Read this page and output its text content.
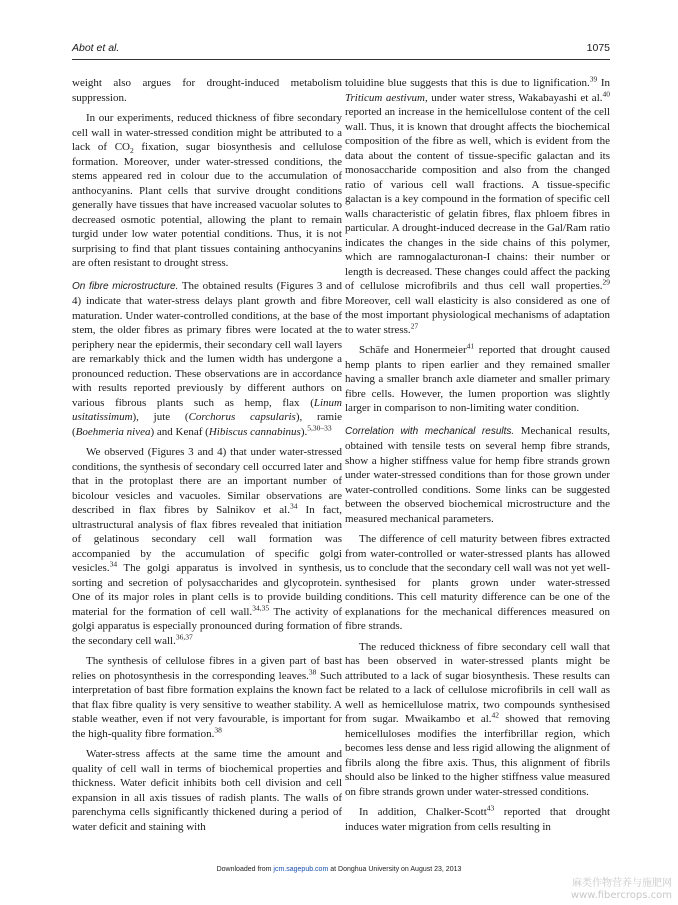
Abot et al.	1075

weight also argues for drought-induced metabolism suppression.

In our experiments, reduced thickness of fibre secondary cell wall in water-stressed condition might be attributed to a lack of $CO_2$ fixation, sugar biosynthesis and cellulose formation. Moreover, under water-stressed conditions, the stems appeared red in colour due to the accumulation of anthocyanins. Plant cells that survive drought conditions generally have tissues that have increased vacuolar solutes to decreased osmotic potential, allowing the plant to remain turgid under low water potential conditions. Thus, it is not surprising to find that plant tissues containing anthocyanins are often resistant to drought stress.

On fibre microstructure. The obtained results (Figures 3 and 4) indicate that water-stress delays plant growth and fibre maturation. Under water-controlled conditions, at the base of stem, the older fibres as primary fibres were located at the periphery near the epidermis, their secondary cell wall layers are remarkably thick and the lumen width has undergone a pronounced reduction. These observations are in accordance with results reported previously by different authors on various fibrous plants such as hemp, flax (Linum usitatissimum), jute (Corchorus capsularis), ramie (Boehmeria nivea) and Kenaf (Hibiscus cannabinus).$^{5,30-33}$

We observed (Figures 3 and 4) that under water-stressed conditions, the synthesis of secondary cell occurred later and that in the protoplast there are an important number of bicolour vesicles and vacuoles. Similar observations are described in flax fibres by Salnikov et al.$^{34}$ In fact, ultrastructural analysis of flax fibres revealed that initiation of gelatinous secondary cell wall formation was accompanied by the accumulation of specific golgi vesicles.$^{34}$ The golgi apparatus is involved in synthesis, sorting and secretion of polysaccharides and glycoprotein. One of its major roles in plant cells is to provide building material for the formation of cell wall.$^{34,35}$ The activity of golgi apparatus is especially pronounced during formation of the secondary cell wall.$^{36,37}$

The synthesis of cellulose fibres in a given part of bast relies on photosynthesis in the corresponding leaves.$^{38}$ Such interpretation of bast fibre formation explains the known fact that flax fibre quality is very sensitive to weather stability. A stable weather, even if not very favourable, is important for the high-quality fibre formation.$^{38}$

Water-stress affects at the same time the amount and quality of cell wall in terms of biochemical properties and thickness. Water deficit inhibits both cell division and cell expansion in all axis tissues of radish plants. The walls of parenchyma cells significantly thickened during a period of water deficit and staining with

toluidine blue suggests that this is due to lignification.$^{39}$ In Triticum aestivum, under water stress, Wakabayashi et al.$^{40}$ reported an increase in the hemicellulose content of the cell wall. Thus, it is known that drought affects the biochemical composition of the fibre as well, which is evident from the data about the content of tissue-specific galactan and its monosaccharide composition and also from the changed ratio of various cell wall fractions. A tissue-specific galactan is a key compound in the formation of specific cell walls characteristic of gelatin fibres, flax phloem fibres in particular. A drought-induced decrease in the Gal/Ram ratio indicates the changes in the side chains of this polymer, which are ramnogalacturonan-I chains: their number or length is decreased. These changes could affect the packing of cellulose microfibrils and thus cell wall properties.$^{29}$ Moreover, cell wall elasticity is also considered as one of the most important physiological mechanisms of adaptation to water stress.$^{27}$

Schäfe and Honermeier$^{41}$ reported that drought caused hemp plants to ripen earlier and they remained smaller having a smaller branch axle diameter and smaller primary fibre cells. However, the lumen proportion was slightly larger in comparison to non-limiting water condition.

Correlation with mechanical results. Mechanical results, obtained with tensile tests on several hemp fibre strands, show a higher stiffness value for hemp fibre strands grown under water-stressed conditions than for those grown under water-controlled conditions. Some links can be suggested between the observed biochemical microstructure and the measured mechanical parameters.

The difference of cell maturity between fibres extracted from water-controlled or water-stressed plants has allowed us to conclude that the secondary cell wall was not yet well-synthesised for plants grown under water-stressed conditions. This cell maturity difference can be one of the explanations for the mechanical differences measured on fibre strands.

The reduced thickness of fibre secondary cell wall that has been observed in water-stressed plants might be attributed to a lack of sugar biosynthesis. These results can be related to a lack of cellulose microfibrils in cell wall as well as hemicellulose matrix, two compounds synthesised from sugar. Mwaikambo et al.$^{42}$ showed that removing hemicelluloses modifies the interfibrillar region, which becomes less dense and less rigid allowing the alignment of fibrils along the fibre axis. Thus, this alignment of fibrils should also be linked to the higher stiffness value measured on fibre strands grown under water-stressed conditions.

In addition, Chalker-Scott$^{43}$ reported that drought induces water migration from cells resulting in

Downloaded from jcm.sagepub.com at Donghua University on August 23, 2013
麻类作物营养与施肥网
www.fibercrops.com
